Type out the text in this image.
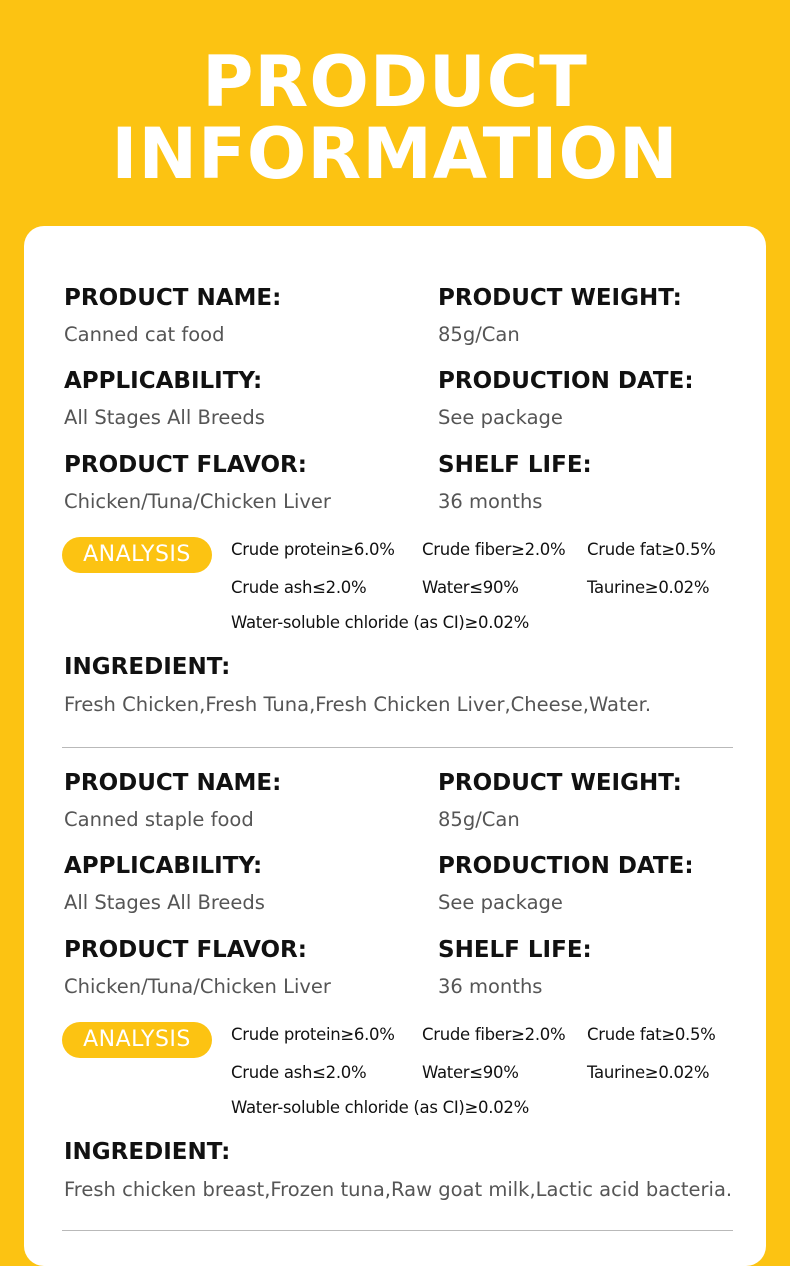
PRODUCT
INFORMATION
PRODUCT NAME:
Canned cat food
PRODUCT WEIGHT:
85g/Can
APPLICABILITY:
All Stages All Breeds
PRODUCTION DATE:
See package
PRODUCT FLAVOR:
Chicken/Tuna/Chicken Liver
SHELF LIFE:
36 months
ANALYSIS	Crude protein≥6.0% Crude fiber≥2.0% Crude fat≥0.5%
Crude ash≤2.0%	Water≤90%	Taurine≥0.02%
Water-soluble chloride (as CI)≥0.02%
INGREDIENT:
Fresh Chicken,Fresh Tuna,Fresh Chicken Liver,Cheese,Water.
PRODUCT NAME:
Canned staple food
PRODUCT WEIGHT:
85g/Can
APPLICABILITY:
All Stages All Breeds
PRODUCTION DATE:
See package
PRODUCT FLAVOR:
Chicken/Tuna/Chicken Liver
SHELF LIFE:
36 months
ANALYSIS	Crude protein≥6.0% Crude fiber≥2.0% Crude fat≥0.5%
Crude ash≤2.0%	Water≤90%	Taurine≥0.02%
Water-soluble chloride (as CI)≥0.02%
INGREDIENT:
Fresh chicken breast,Frozen tuna,Raw goat milk,Lactic acid bacteria.
